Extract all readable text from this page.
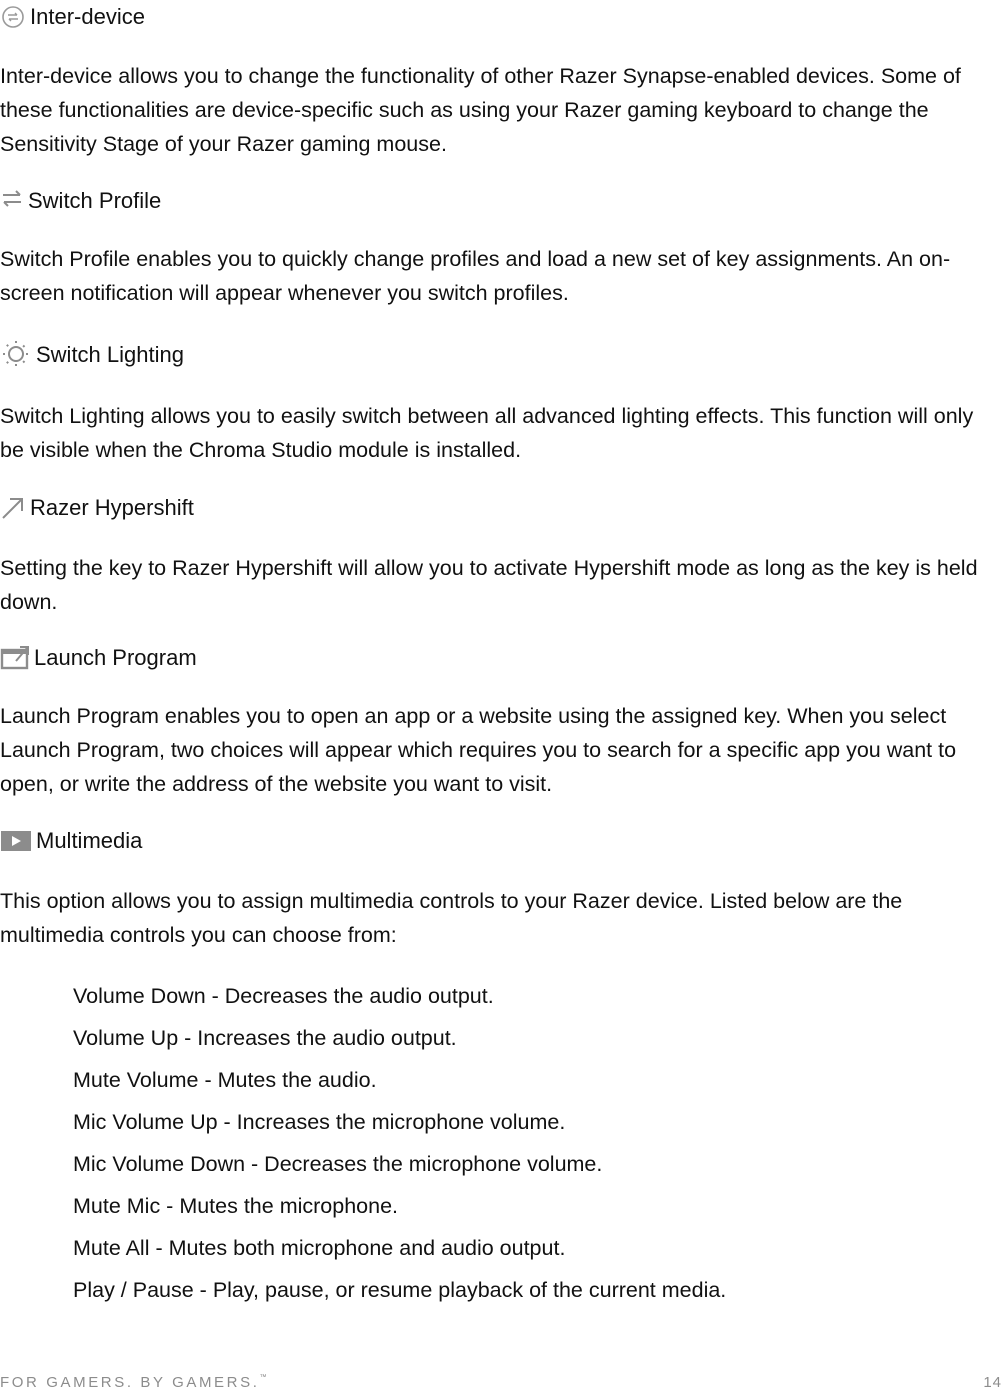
Inter-device

Inter-device allows you to change the functionality of other Razer Synapse-enabled devices. Some of these functionalities are device-specific such as using your Razer gaming keyboard to change the Sensitivity Stage of your Razer gaming mouse.

Switch Profile

Switch Profile enables you to quickly change profiles and load a new set of key assignments. An on-screen notification will appear whenever you switch profiles.

Switch Lighting

Switch Lighting allows you to easily switch between all advanced lighting effects. This function will only be visible when the Chroma Studio module is installed.

Razer Hypershift

Setting the key to Razer Hypershift will allow you to activate Hypershift mode as long as the key is held down.

Launch Program

Launch Program enables you to open an app or a website using the assigned key. When you select Launch Program, two choices will appear which requires you to search for a specific app you want to open, or write the address of the website you want to visit.

Multimedia

This option allows you to assign multimedia controls to your Razer device. Listed below are the multimedia controls you can choose from:

Volume Down - Decreases the audio output.
Volume Up - Increases the audio output.
Mute Volume - Mutes the audio.
Mic Volume Up - Increases the microphone volume.
Mic Volume Down - Decreases the microphone volume.
Mute Mic - Mutes the microphone.
Mute All - Mutes both microphone and audio output.
Play / Pause - Play, pause, or resume playback of the current media.
FOR GAMERS. BY GAMERS.™	14
